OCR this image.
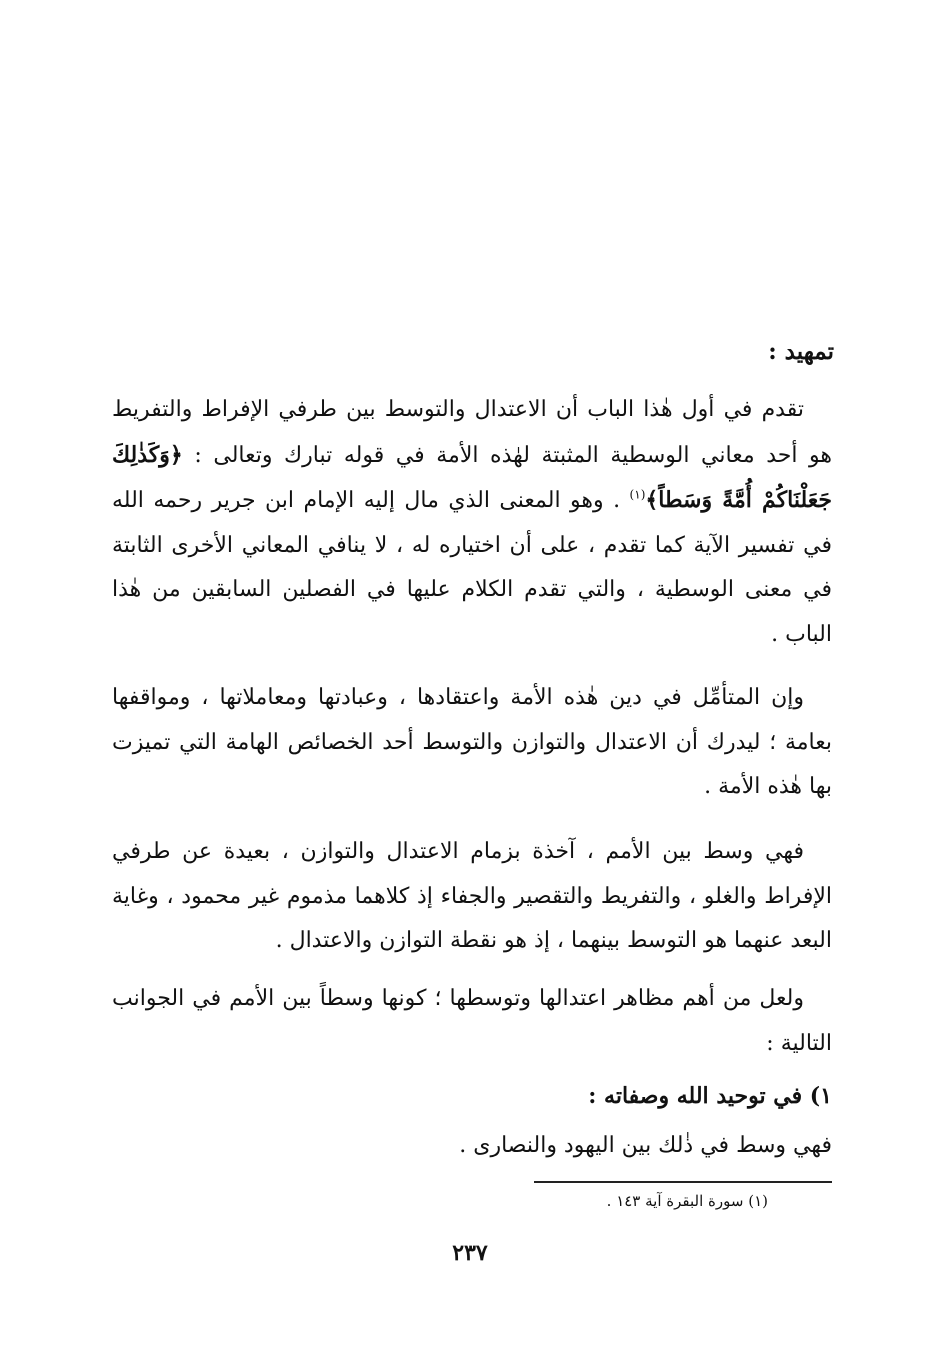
تمهيد :

تقدم في أول هٰذا الباب أن الاعتدال والتوسط بين طرفي الإفراط والتفريط هو أحد معاني الوسطية المثبتة لهٰذه الأمة في قوله تبارك وتعالى : ﴿وَكَذٰلِكَ جَعَلْنَاكُمْ أُمَّةً وَسَطاً﴾$^{(١)}$ . وهو المعنى الذي مال إليه الإمام ابن جرير رحمه الله في تفسير الآية كما تقدم ، على أن اختياره له ، لا ينافي المعاني الأخرى الثابتة في معنى الوسطية ، والتي تقدم الكلام عليها في الفصلين السابقين من هٰذا الباب .

وإن المتأمِّل في دين هٰذه الأمة واعتقادها ، وعبادتها ومعاملاتها ، ومواقفها بعامة ؛ ليدرك أن الاعتدال والتوازن والتوسط أحد الخصائص الهامة التي تميزت بها هٰذه الأمة .

فهي وسط بين الأمم ، آخذة بزمام الاعتدال والتوازن ، بعيدة عن طرفي الإفراط والغلو ، والتفريط والتقصير والجفاء إذ كلاهما مذموم غير محمود ، وغاية البعد عنهما هو التوسط بينهما ، إذ هو نقطة التوازن والاعتدال .

ولعل من أهم مظاهر اعتدالها وتوسطها ؛ كونها وسطاً بين الأمم في الجوانب التالية :

١) في توحيد الله وصفاته :

فهي وسط في ذٰلك بين اليهود والنصارى .

(١) سورة البقرة آية ١٤٣ .

٢٣٧
